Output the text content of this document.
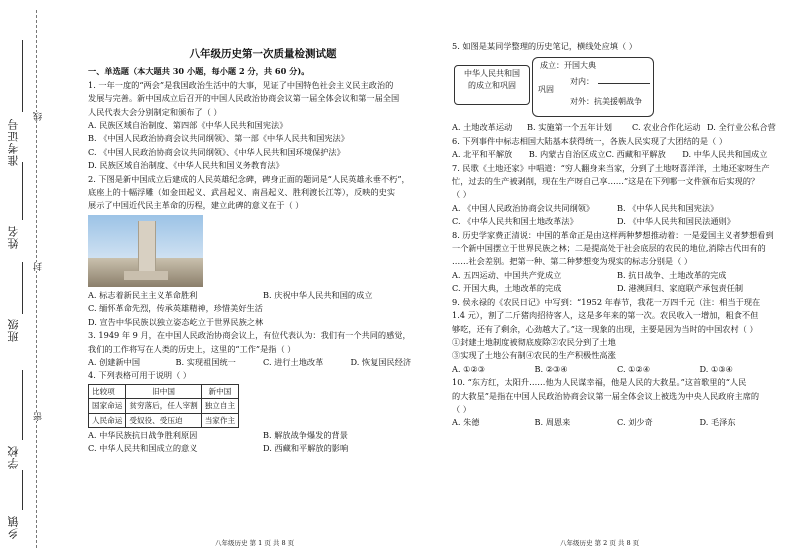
准考证号
姓名
班级
学校
乡镇
线
封
密
八年级历史第一次质量检测试题

一、单选题（本大题共 30 小题，每小题 2 分，共 60 分)。

1. 一年一度的“两会”是我国政治生活中的大事，见证了中国特色社会主义民主政治的

发展与完善。新中国成立后召开的中国人民政治协商会议第一届全体会议和第一届全国

人民代表大会分别制定和颁布了（ ）

A. 民族区域自治制度、第四部《中华人民共和国宪法》

B. 《中国人民政治协商会议共同纲领》、第一部《中华人民共和国宪法》

C. 《中国人民政治协商会议共同纲领》、《中华人民共和国环境保护法》

D. 民族区域自治制度、《中华人民共和国义务教育法》

2. 下图是新中国成立后建成的人民英雄纪念碑，碑身正面的题词是“人民英雄永垂不朽”，

底座上的十幅浮雕（如金田起义、武昌起义、南昌起义、胜利渡长江等），反映的史实

展示了中国近代民主革命的历程，建立此碑的意义在于（ ）

A. 标志着新民主主义革命胜利	B. 庆祝中华人民共和国的成立

C. 缅怀革命先烈，传承英雄精神，珍惜美好生活

D. 宣告中华民族以独立姿态屹立于世界民族之林

3. 1949 年 9 月，在中国人民政治协商会议上，有位代表认为：我们有一个共同的感觉，

我们的工作将写在人类的历史上，这里的“工作”是指（ ）

A. 创建新中国	B. 实现祖国统一	C. 进行土地改革	D. 恢复国民经济

4. 下列表格可用于说明（ ）

比较项	旧中国	新中国
国家命运	贫穷落后，任人宰割	独立自主
人民命运	受奴役、受压迫	当家作主
A. 中华民族抗日战争胜利原因	B. 解放战争爆发的背景
C. 中华人民共和国成立的意义	D. 西藏和平解放的影响
八年级历史 第 1 页 共 8 页

5. 如图是某同学整理的历史笔记，横线处应填（ ）

中华人民共和国
的成立和巩固
成立：开国大典
巩固
对内：
对外：抗美援朝战争
A. 土地改革运动	B. 实施第一个五年计划	C. 农业合作化运动 D. 全行业公私合营

6. 下列事件中标志相国大陆基本获得统一，各族人民实现了大团结的是（ ）

A. 北平和平解放	B. 内蒙古自治区成立 C. 西藏和平解放	D. 中华人民共和国成立

7. 民歌《土地还家》中唱道：“穷人翻身来当家，分到了土地呀喜洋洋，土地还家呀生产

忙，过去的生产被剥削，现在生产呀自己享……”这是在下列哪一文件颁布后实现的？

（ ）

A. 《中国人民政治协商会议共同纲领》	B. 《中华人民共和国宪法》
C. 《中华人民共和国土地改革法》	D. 《中华人民共和国民法通则》

8. 历史学家费正清说：中国的革命正是由这样两种梦想推动着：一是爱国主义者梦想看到

一个新中国摆立于世界民族之林；二是提高处于社会底层的农民的地位,消除古代田有的

……社会差别。把第一种、第二种梦想变为现实的标志分别是（ ）

A. 五四运动、中国共产党成立	B. 抗日战争、土地改革的完成
C. 开国大典，土地改革的完成	D. 港澳回归、家庭联产承包责任制

9. 侯永禄的《农民日记》中写到：“1952 年春节，我花一万四千元（注：相当于现在

1.4 元），割了二斤猪肉招待客人，这是多年来的第一次。农民收入一增加，粗食不但

够吃，还有了剩余，心劲越大了。”这一现象的出现，主要是因为当时的中国农村（ ）

①封建土地制度被彻底废除②农民分到了土地

③实现了土地公有制④农民的生产积极性高涨

A. ①②③	B. ②③④	C. ①②④	D. ①③④

10. “东方红，太阳升……他为人民谋幸福，他是人民的大救星。”这首歌里的“人民

的大救星”是指在中国人民政治协商会议第一届全体会议上被选为中央人民政府主席的

（ ）

A. 朱德	B. 周恩来	C. 刘少奇	D. 毛泽东
八年级历史 第 2 页 共 8 页
